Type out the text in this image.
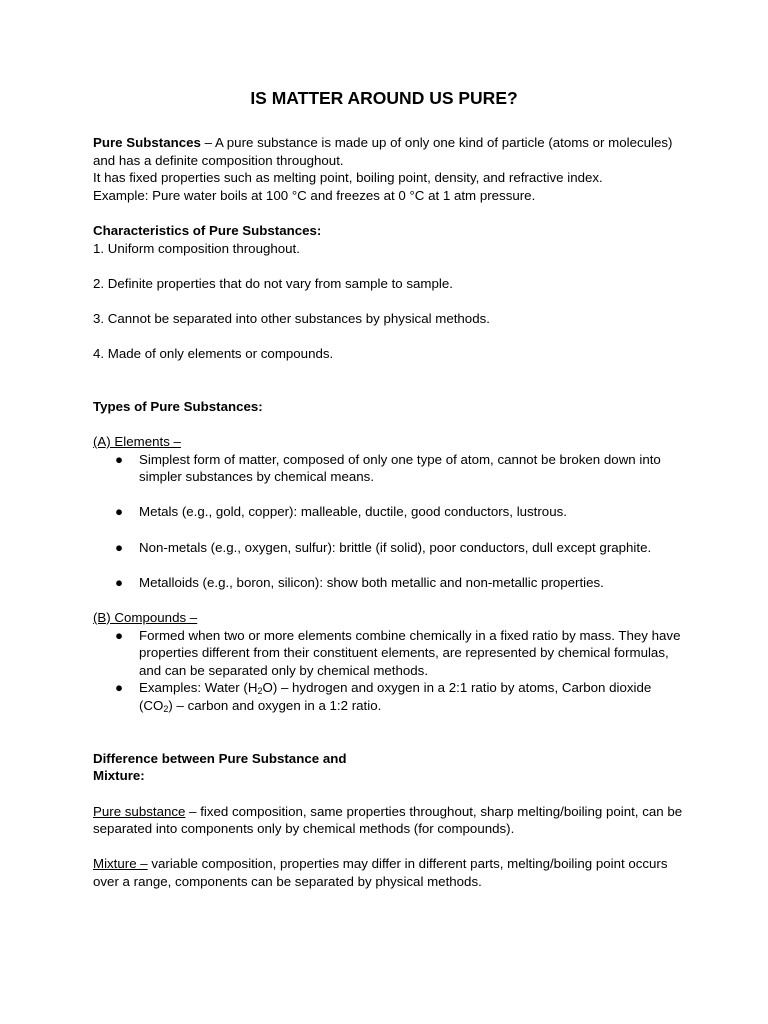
IS MATTER AROUND US PURE?

Pure Substances – A pure substance is made up of only one kind of particle (atoms or molecules) and has a definite composition throughout.

It has fixed properties such as melting point, boiling point, density, and refractive index.

Example: Pure water boils at 100 °C and freezes at 0 °C at 1 atm pressure.

Characteristics of Pure Substances:

1. Uniform composition throughout.

2. Definite properties that do not vary from sample to sample.

3. Cannot be separated into other substances by physical methods.

4. Made of only elements or compounds.

Types of Pure Substances:

(A) Elements –

● Simplest form of matter, composed of only one type of atom, cannot be broken down into simpler substances by chemical means.
● Metals (e.g., gold, copper): malleable, ductile, good conductors, lustrous.
● Non-metals (e.g., oxygen, sulfur): brittle (if solid), poor conductors, dull except graphite.
● Metalloids (e.g., boron, silicon): show both metallic and non-metallic properties.

(B) Compounds –

● Formed when two or more elements combine chemically in a fixed ratio by mass. They have properties different from their constituent elements, are represented by chemical formulas, and can be separated only by chemical methods.
● Examples: Water $(H_2O)$ – hydrogen and oxygen in a 2:1 ratio by atoms, Carbon dioxide $(CO_2)$ – carbon and oxygen in a 1:2 ratio.

Difference between Pure Substance and

Mixture:

Pure substance – fixed composition, same properties throughout, sharp melting/boiling point, can be separated into components only by chemical methods (for compounds).

Mixture – variable composition, properties may differ in different parts, melting/boiling point occurs over a range, components can be separated by physical methods.
